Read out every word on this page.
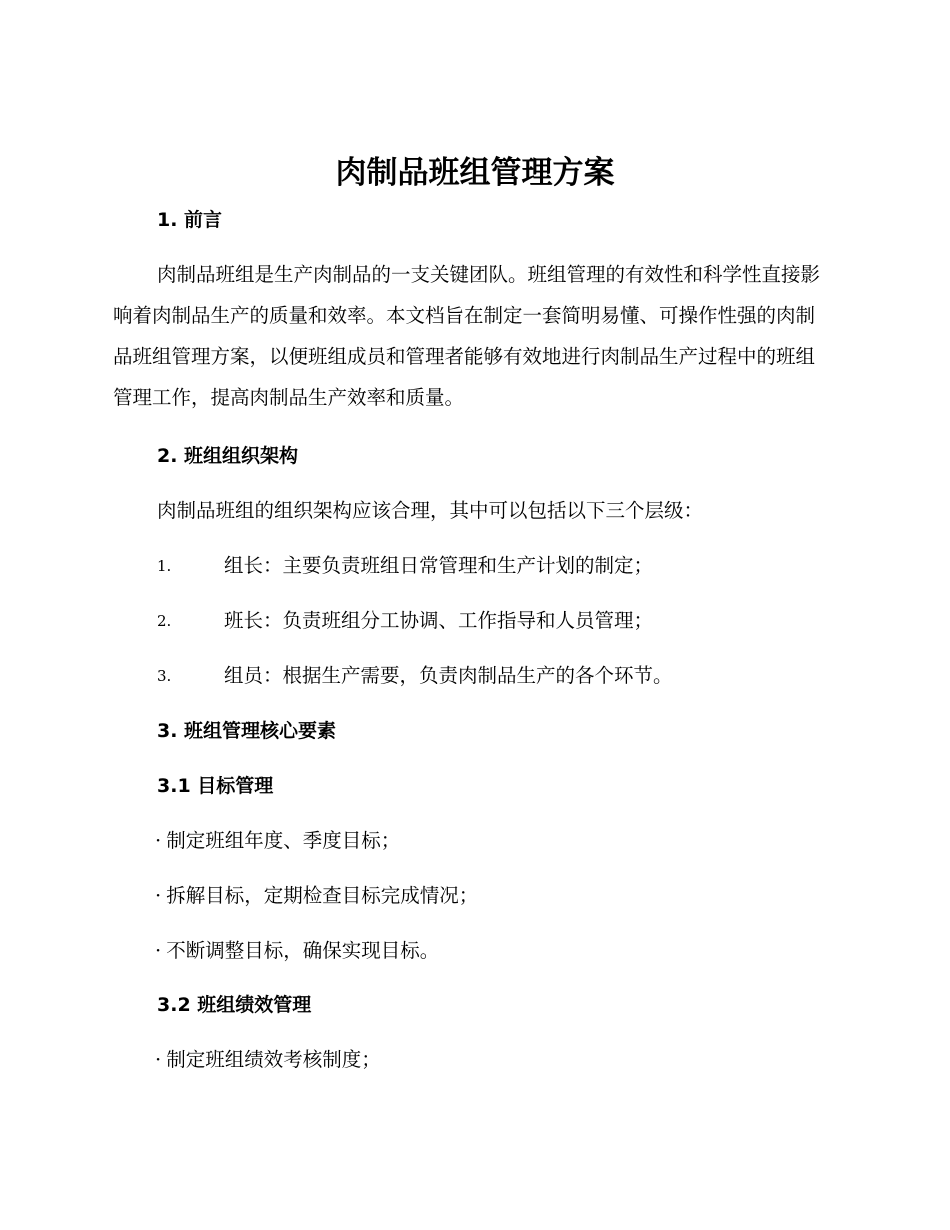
肉制品班组管理方案
1. 前言

肉制品班组是生产肉制品的一支关键团队。班组管理的有效性和科学性直接影响着肉制品生产的质量和效率。本文档旨在制定一套简明易懂、可操作性强的肉制品班组管理方案，以便班组成员和管理者能够有效地进行肉制品生产过程中的班组管理工作，提高肉制品生产效率和质量。

2. 班组组织架构
肉制品班组的组织架构应该合理，其中可以包括以下三个层级：
1.	组长：主要负责班组日常管理和生产计划的制定；
2.	班长：负责班组分工协调、工作指导和人员管理；
3.	组员：根据生产需要，负责肉制品生产的各个环节。
3. 班组管理核心要素
3.1 目标管理
· 制定班组年度、季度目标；
· 拆解目标，定期检查目标完成情况；
· 不断调整目标，确保实现目标。
3.2 班组绩效管理
· 制定班组绩效考核制度；
